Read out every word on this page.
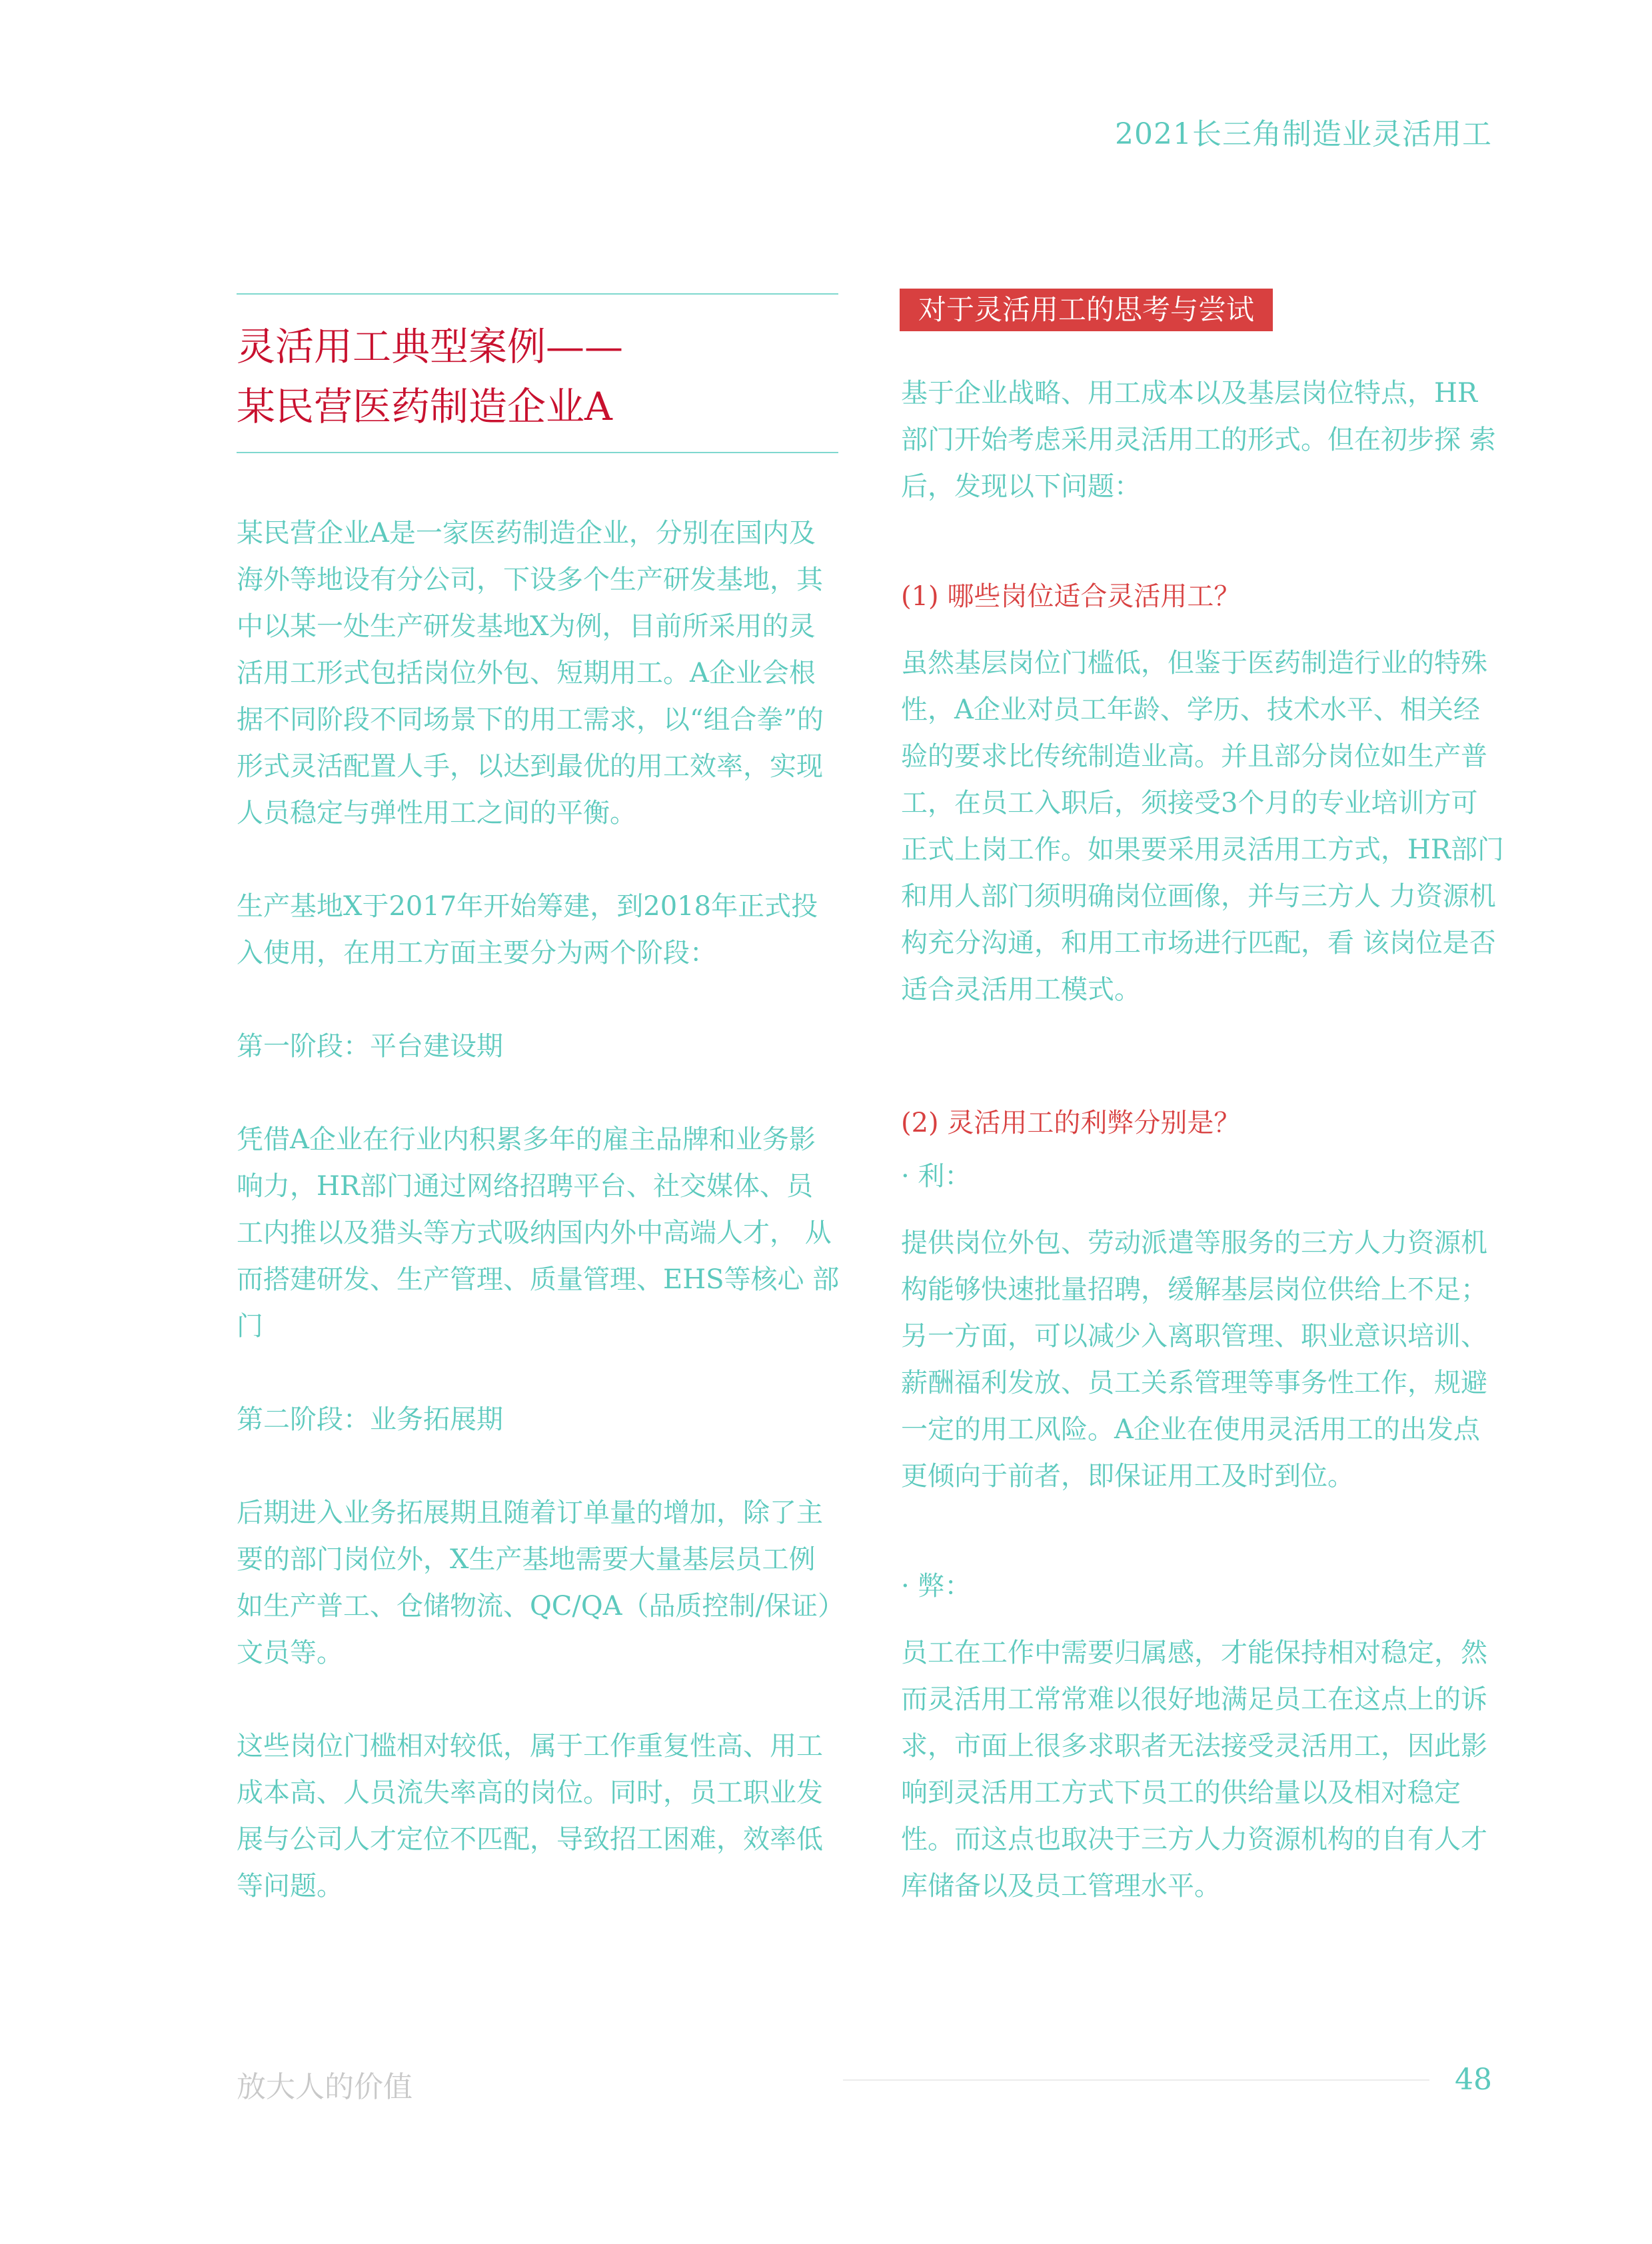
2021长三角制造业灵活用工
灵活用工典型案例——
某民营医药制造企业A

某民营企业A是一家医药制造企业，分别在国内及海外等地设有分公司，下设多个生产研发基地，其中以某一处生产研发基地X为例，目前所采用的灵活用工形式包括岗位外包、短期用工。A企业会根据不同阶段不同场景下的用工需求，以“组合拳”的形式灵活配置人手，以达到最优的用工效率，实现人员稳定与弹性用工之间的平衡。

生产基地X于2017年开始筹建，到2018年正式投入使用，在用工方面主要分为两个阶段：

第一阶段：平台建设期

凭借A企业在行业内积累多年的雇主品牌和业务影响力，HR部门通过网络招聘平台、社交媒体、员 工内推以及猎头等方式吸纳国内外中高端人才， 从而搭建研发、生产管理、质量管理、EHS等核心 部门

第二阶段：业务拓展期

后期进入业务拓展期且随着订单量的增加，除了主要的部门岗位外，X生产基地需要大量基层员工例如生产普工、仓储物流、QC/QA（品质控制/保证）文员等。

这些岗位门槛相对较低，属于工作重复性高、用工成本高、人员流失率高的岗位。同时，员工职业发展与公司人才定位不匹配，导致招工困难，效率低等问题。

对于灵活用工的思考与尝试

基于企业战略、用工成本以及基层岗位特点，HR 部门开始考虑采用灵活用工的形式。但在初步探 索后，发现以下问题：

(1) 哪些岗位适合灵活用工？

虽然基层岗位门槛低，但鉴于医药制造行业的特殊性，A企业对员工年龄、学历、技术水平、相关经验的要求比传统制造业高。并且部分岗位如生产普工，在员工入职后，须接受3个月的专业培训方可正式上岗工作。如果要采用灵活用工方式，HR部门和用人部门须明确岗位画像，并与三方人 力资源机构充分沟通，和用工市场进行匹配，看 该岗位是否适合灵活用工模式。

(2) 灵活用工的利弊分别是？

· 利：

提供岗位外包、劳动派遣等服务的三方人力资源机构能够快速批量招聘，缓解基层岗位供给上不足；另一方面，可以减少入离职管理、职业意识培训、薪酬福利发放、员工关系管理等事务性工作，规避一定的用工风险。A企业在使用灵活用工的出发点更倾向于前者，即保证用工及时到位。

· 弊：

员工在工作中需要归属感，才能保持相对稳定，然而灵活用工常常难以很好地满足员工在这点上的诉求，市面上很多求职者无法接受灵活用工，因此影响到灵活用工方式下员工的供给量以及相对稳定性。而这点也取决于三方人力资源机构的自有人才库储备以及员工管理水平。

放大人的价值	48
